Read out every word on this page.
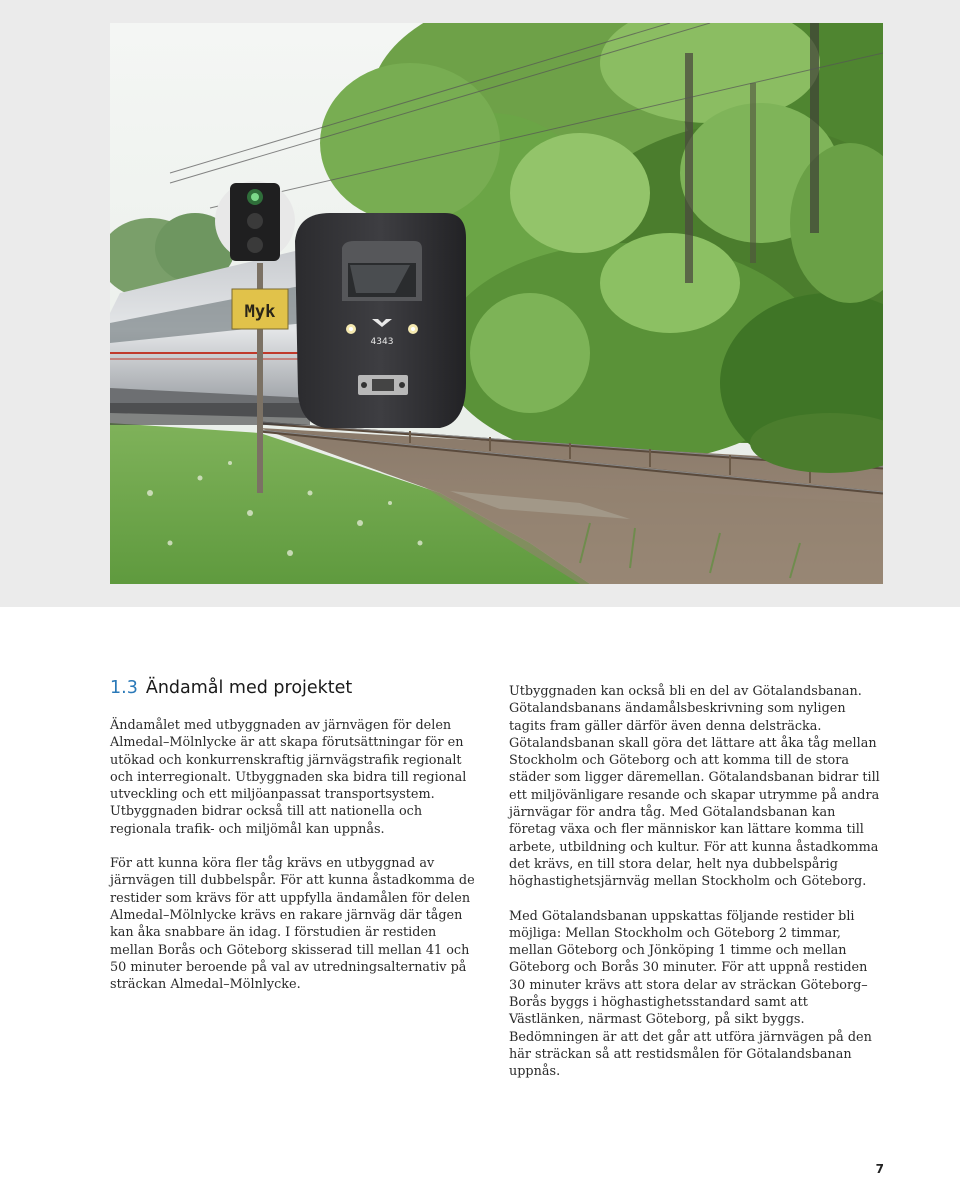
4343
Myk
1.3 Ändamål med projektet

Ändamålet med utbyggnaden av järnvägen för delen Almedal–Mölnlycke är att skapa förutsättningar för en utökad och konkurrenskraftig järnvägstrafik regionalt och interregionalt. Utbyggnaden ska bidra till regional utveckling och ett miljöanpassat transportsystem. Utbyggnaden bidrar också till att nationella och regionala trafik- och miljömål kan uppnås.

För att kunna köra fler tåg krävs en utbyggnad av järnvägen till dubbelspår. För att kunna åstadkomma de restider som krävs för att uppfylla ändamålen för delen Almedal–Mölnlycke krävs en rakare järnväg där tågen kan åka snabbare än idag. I förstudien är restiden mellan Borås och Göteborg skisserad till mellan 41 och 50 minuter beroende på val av utredningsalternativ på sträckan Almedal–Mölnlycke.

Utbyggnaden kan också bli en del av Götalandsbanan. Götalandsbanans ändamålsbeskrivning som nyligen tagits fram gäller därför även denna delsträcka. Götalandsbanan skall göra det lättare att åka tåg mellan Stockholm och Göteborg och att komma till de stora städer som ligger däremellan. Götalandsbanan bidrar till ett miljövänligare resande och skapar utrymme på andra järnvägar för andra tåg. Med Götalandsbanan kan företag växa och fler människor kan lättare komma till arbete, utbildning och kultur. För att kunna åstadkomma det krävs, en till stora delar, helt nya dubbelspårig höghastighetsjärnväg mellan Stockholm och Göteborg.

Med Götalandsbanan uppskattas följande restider bli möjliga: Mellan Stockholm och Göteborg 2 timmar, mellan Göteborg och Jönköping 1 timme och mellan Göteborg och Borås 30 minuter. För att uppnå restiden 30 minuter krävs att stora delar av sträckan Göteborg–Borås byggs i höghastighetsstandard samt att Västlänken, närmast Göteborg, på sikt byggs. Bedömningen är att det går att utföra järnvägen på den här sträckan så att restidsmålen för Götalandsbanan uppnås.

7
